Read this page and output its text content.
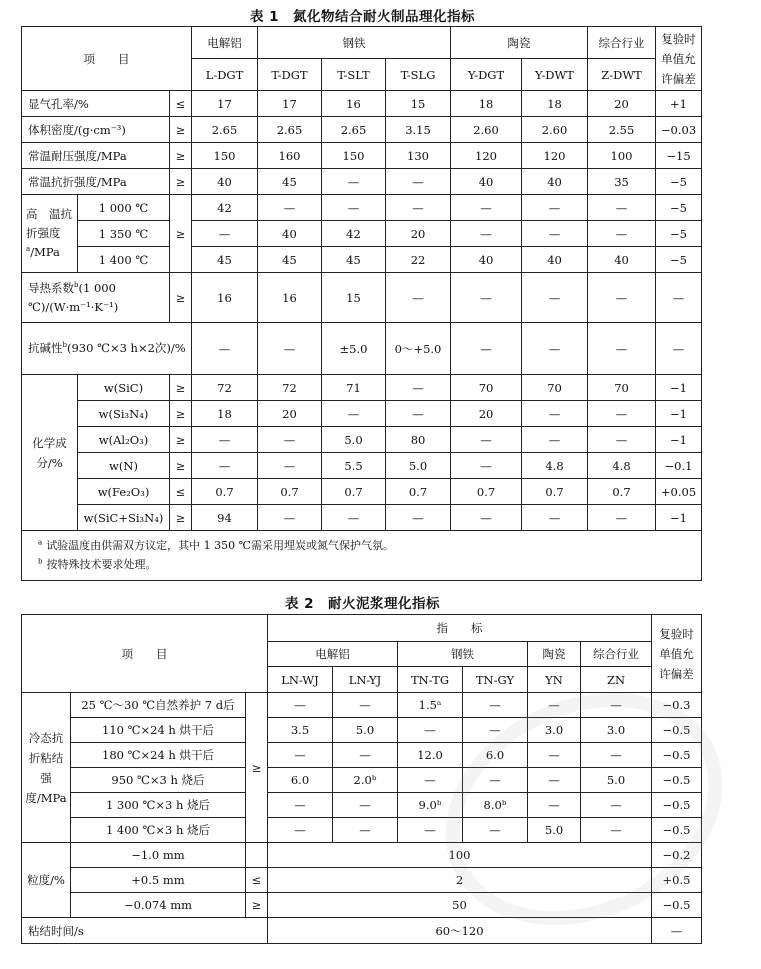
表 1　氮化物结合耐火制品理化指标
项　　目			电解铝	钢铁			陶瓷		综合行业	复验时单值允许偏差
			L-DGT	T-DGT	T-SLT	T-SLG	Y-DGT	Y-DWT	Z-DWT	
显气孔率/%		≤	17	17	16	15	18	18	20	+1
体积密度/(g·cm⁻³)		≥	2.65	2.65	2.65	3.15	2.60	2.60	2.55	−0.03
常温耐压强度/MPa		≥	150	160	150	130	120	120	100	−15
常温抗折强度/MPa		≥	40	45	—	—	40	40	35	−5
高　温抗　折强度$^a$/MPa	1 000 ℃	≥	42	—	—	—	—	—	—	−5
	1 350 ℃		—	40	42	20	—	—	—	−5
	1 400 ℃		45	45	45	22	40	40	40	−5
导热系数$^b$(1 000 ℃)/(W·m⁻¹·K⁻¹)		≥	16	16	15	—	—	—	—	—
抗碱性$^b$(930 ℃×3 h×2次)/%			—	—	±5.0	0～+5.0	—	—	—	—
化学成分/%	w(SiC)	≥	72	72	71	—	70	70	70	−1
	w(Si₃N₄)	≥	18	20	—	—	20	—	—	−1
	w(Al₂O₃)	≥	—	—	5.0	80	—	—	—	−1
	w(N)	≥	—	—	5.5	5.0	—	4.8	4.8	−0.1
	w(Fe₂O₃)	≤	0.7	0.7	0.7	0.7	0.7	0.7	0.7	+0.05
	w(SiC+Si₃N₄)	≥	94	—	—	—	—	—	—	−1

$^a$ 试验温度由供需双方议定，其中 1 350 ℃需采用埋炭或氮气保护气氛。
$^b$ 按特殊技术要求处理。										
表 2　耐火泥浆理化指标
项　　目			指　　标						复验时单值允许偏差
			电解铝		钢铁		陶瓷	综合行业	
			LN-WJ	LN-YJ	TN-TG	TN-GY	YN	ZN	
冷态抗折粘结强度/MPa	25 ℃～30 ℃自然养护 7 d后	≥	—	—	1.5ᵃ	—	—	—	−0.3
	110 ℃×24 h 烘干后		3.5	5.0	—	—	3.0	3.0	−0.5
	180 ℃×24 h 烘干后		—	—	12.0	6.0	—	—	−0.5
	950 ℃×3 h 烧后		6.0	2.0ᵇ	—	—	—	5.0	−0.5
	1 300 ℃×3 h 烧后		—	—	9.0ᵇ	8.0ᵇ	—	—	−0.5
	1 400 ℃×3 h 烧后		—	—	—	—	5.0	—	−0.5
粒度/%	−1.0 mm		100						−0.2
	+0.5 mm	≤	2						+0.5
	−0.074 mm	≥	50						−0.5
粘结时间/s			60～120						—
